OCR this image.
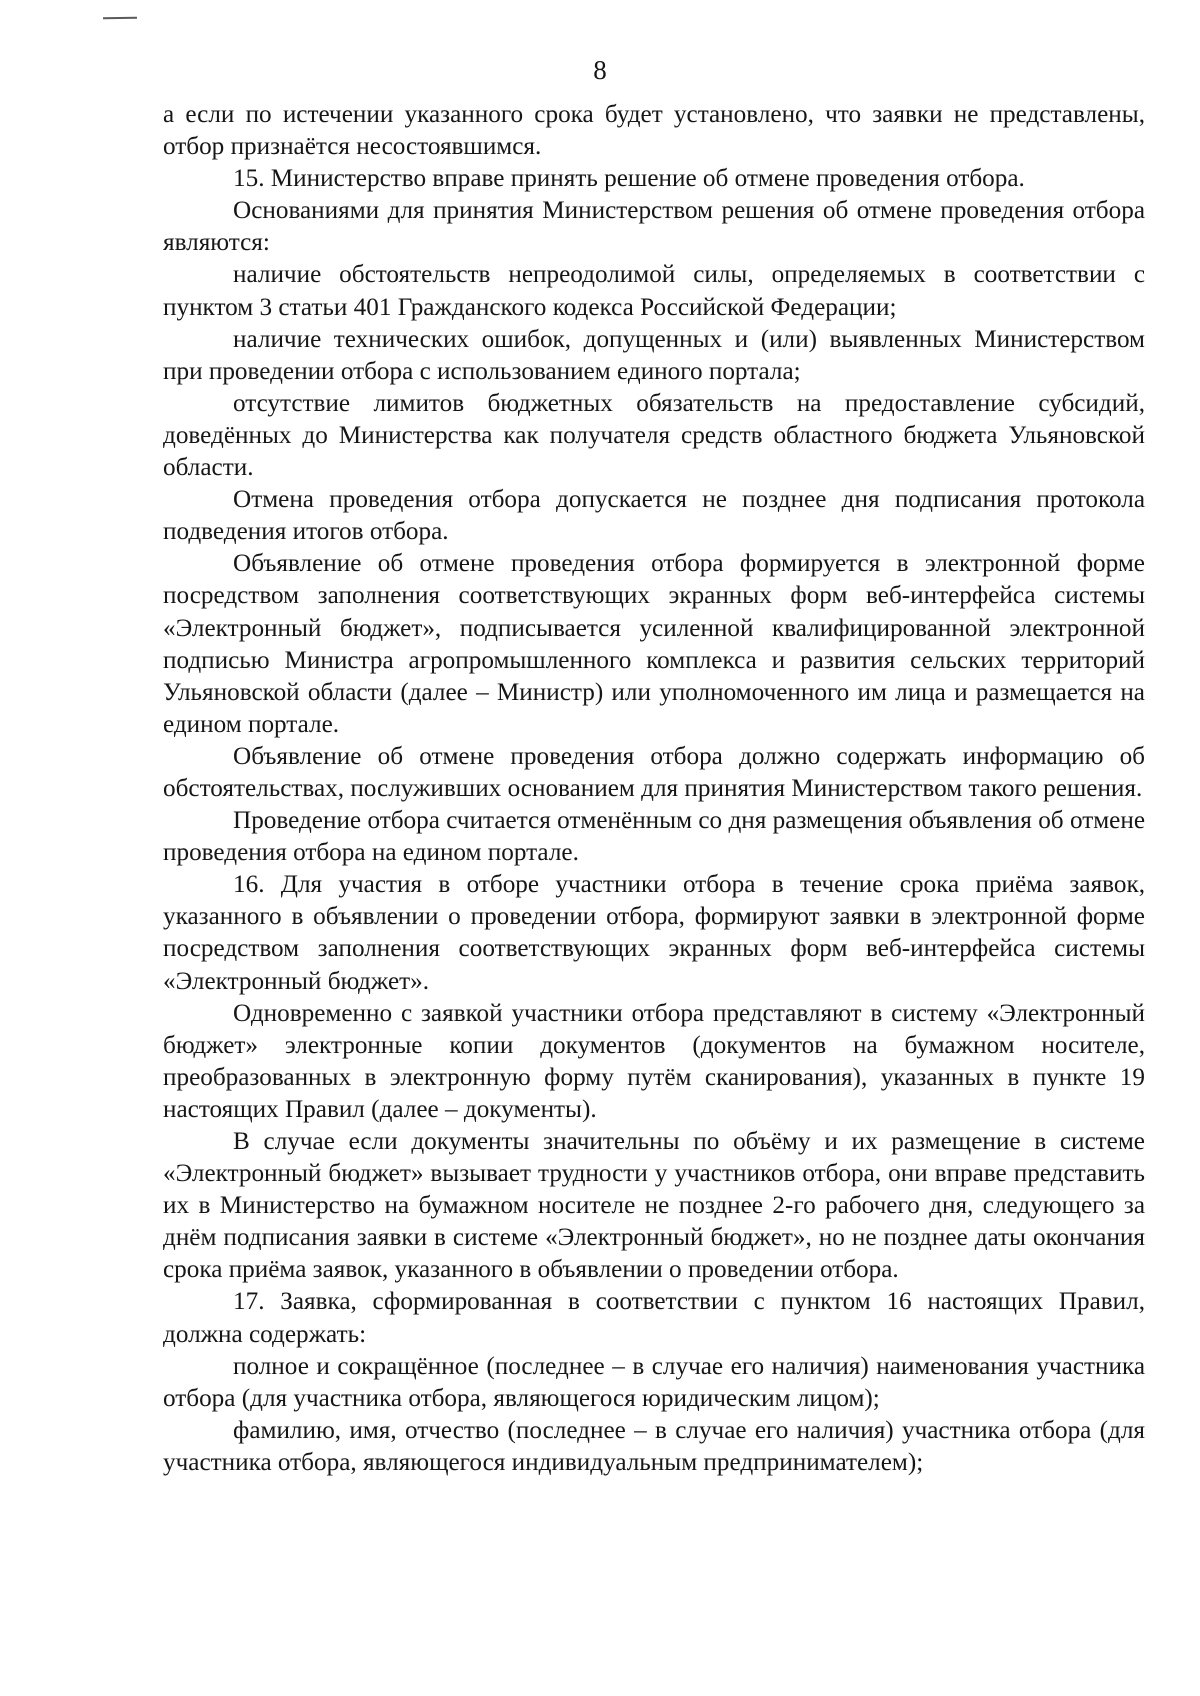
8

а если по истечении указанного срока будет установлено, что заявки не представлены, отбор признаётся несостоявшимся.

15. Министерство вправе принять решение об отмене проведения отбора.

Основаниями для принятия Министерством решения об отмене проведения отбора являются:

наличие обстоятельств непреодолимой силы, определяемых в соответствии с пунктом 3 статьи 401 Гражданского кодекса Российской Федерации;

наличие технических ошибок, допущенных и (или) выявленных Министерством при проведении отбора с использованием единого портала;

отсутствие лимитов бюджетных обязательств на предоставление субсидий, доведённых до Министерства как получателя средств областного бюджета Ульяновской области.

Отмена проведения отбора допускается не позднее дня подписания протокола подведения итогов отбора.

Объявление об отмене проведения отбора формируется в электронной форме посредством заполнения соответствующих экранных форм веб-интерфейса системы «Электронный бюджет», подписывается усиленной квалифицированной электронной подписью Министра агропромышленного комплекса и развития сельских территорий Ульяновской области (далее – Министр) или уполномоченного им лица и размещается на едином портале.

Объявление об отмене проведения отбора должно содержать информацию об обстоятельствах, послуживших основанием для принятия Министерством такого решения.

Проведение отбора считается отменённым со дня размещения объявления об отмене проведения отбора на едином портале.

16. Для участия в отборе участники отбора в течение срока приёма заявок, указанного в объявлении о проведении отбора, формируют заявки в электронной форме посредством заполнения соответствующих экранных форм веб-интерфейса системы «Электронный бюджет».

Одновременно с заявкой участники отбора представляют в систему «Электронный бюджет» электронные копии документов (документов на бумажном носителе, преобразованных в электронную форму путём сканирования), указанных в пункте 19 настоящих Правил (далее – документы).

В случае если документы значительны по объёму и их размещение в системе «Электронный бюджет» вызывает трудности у участников отбора, они вправе представить их в Министерство на бумажном носителе не позднее 2-го рабочего дня, следующего за днём подписания заявки в системе «Электронный бюджет», но не позднее даты окончания срока приёма заявок, указанного в объявлении о проведении отбора.

17. Заявка, сформированная в соответствии с пунктом 16 настоящих Правил, должна содержать:

полное и сокращённое (последнее – в случае его наличия) наименования участника отбора (для участника отбора, являющегося юридическим лицом);

фамилию, имя, отчество (последнее – в случае его наличия) участника отбора (для участника отбора, являющегося индивидуальным предпринимателем);
